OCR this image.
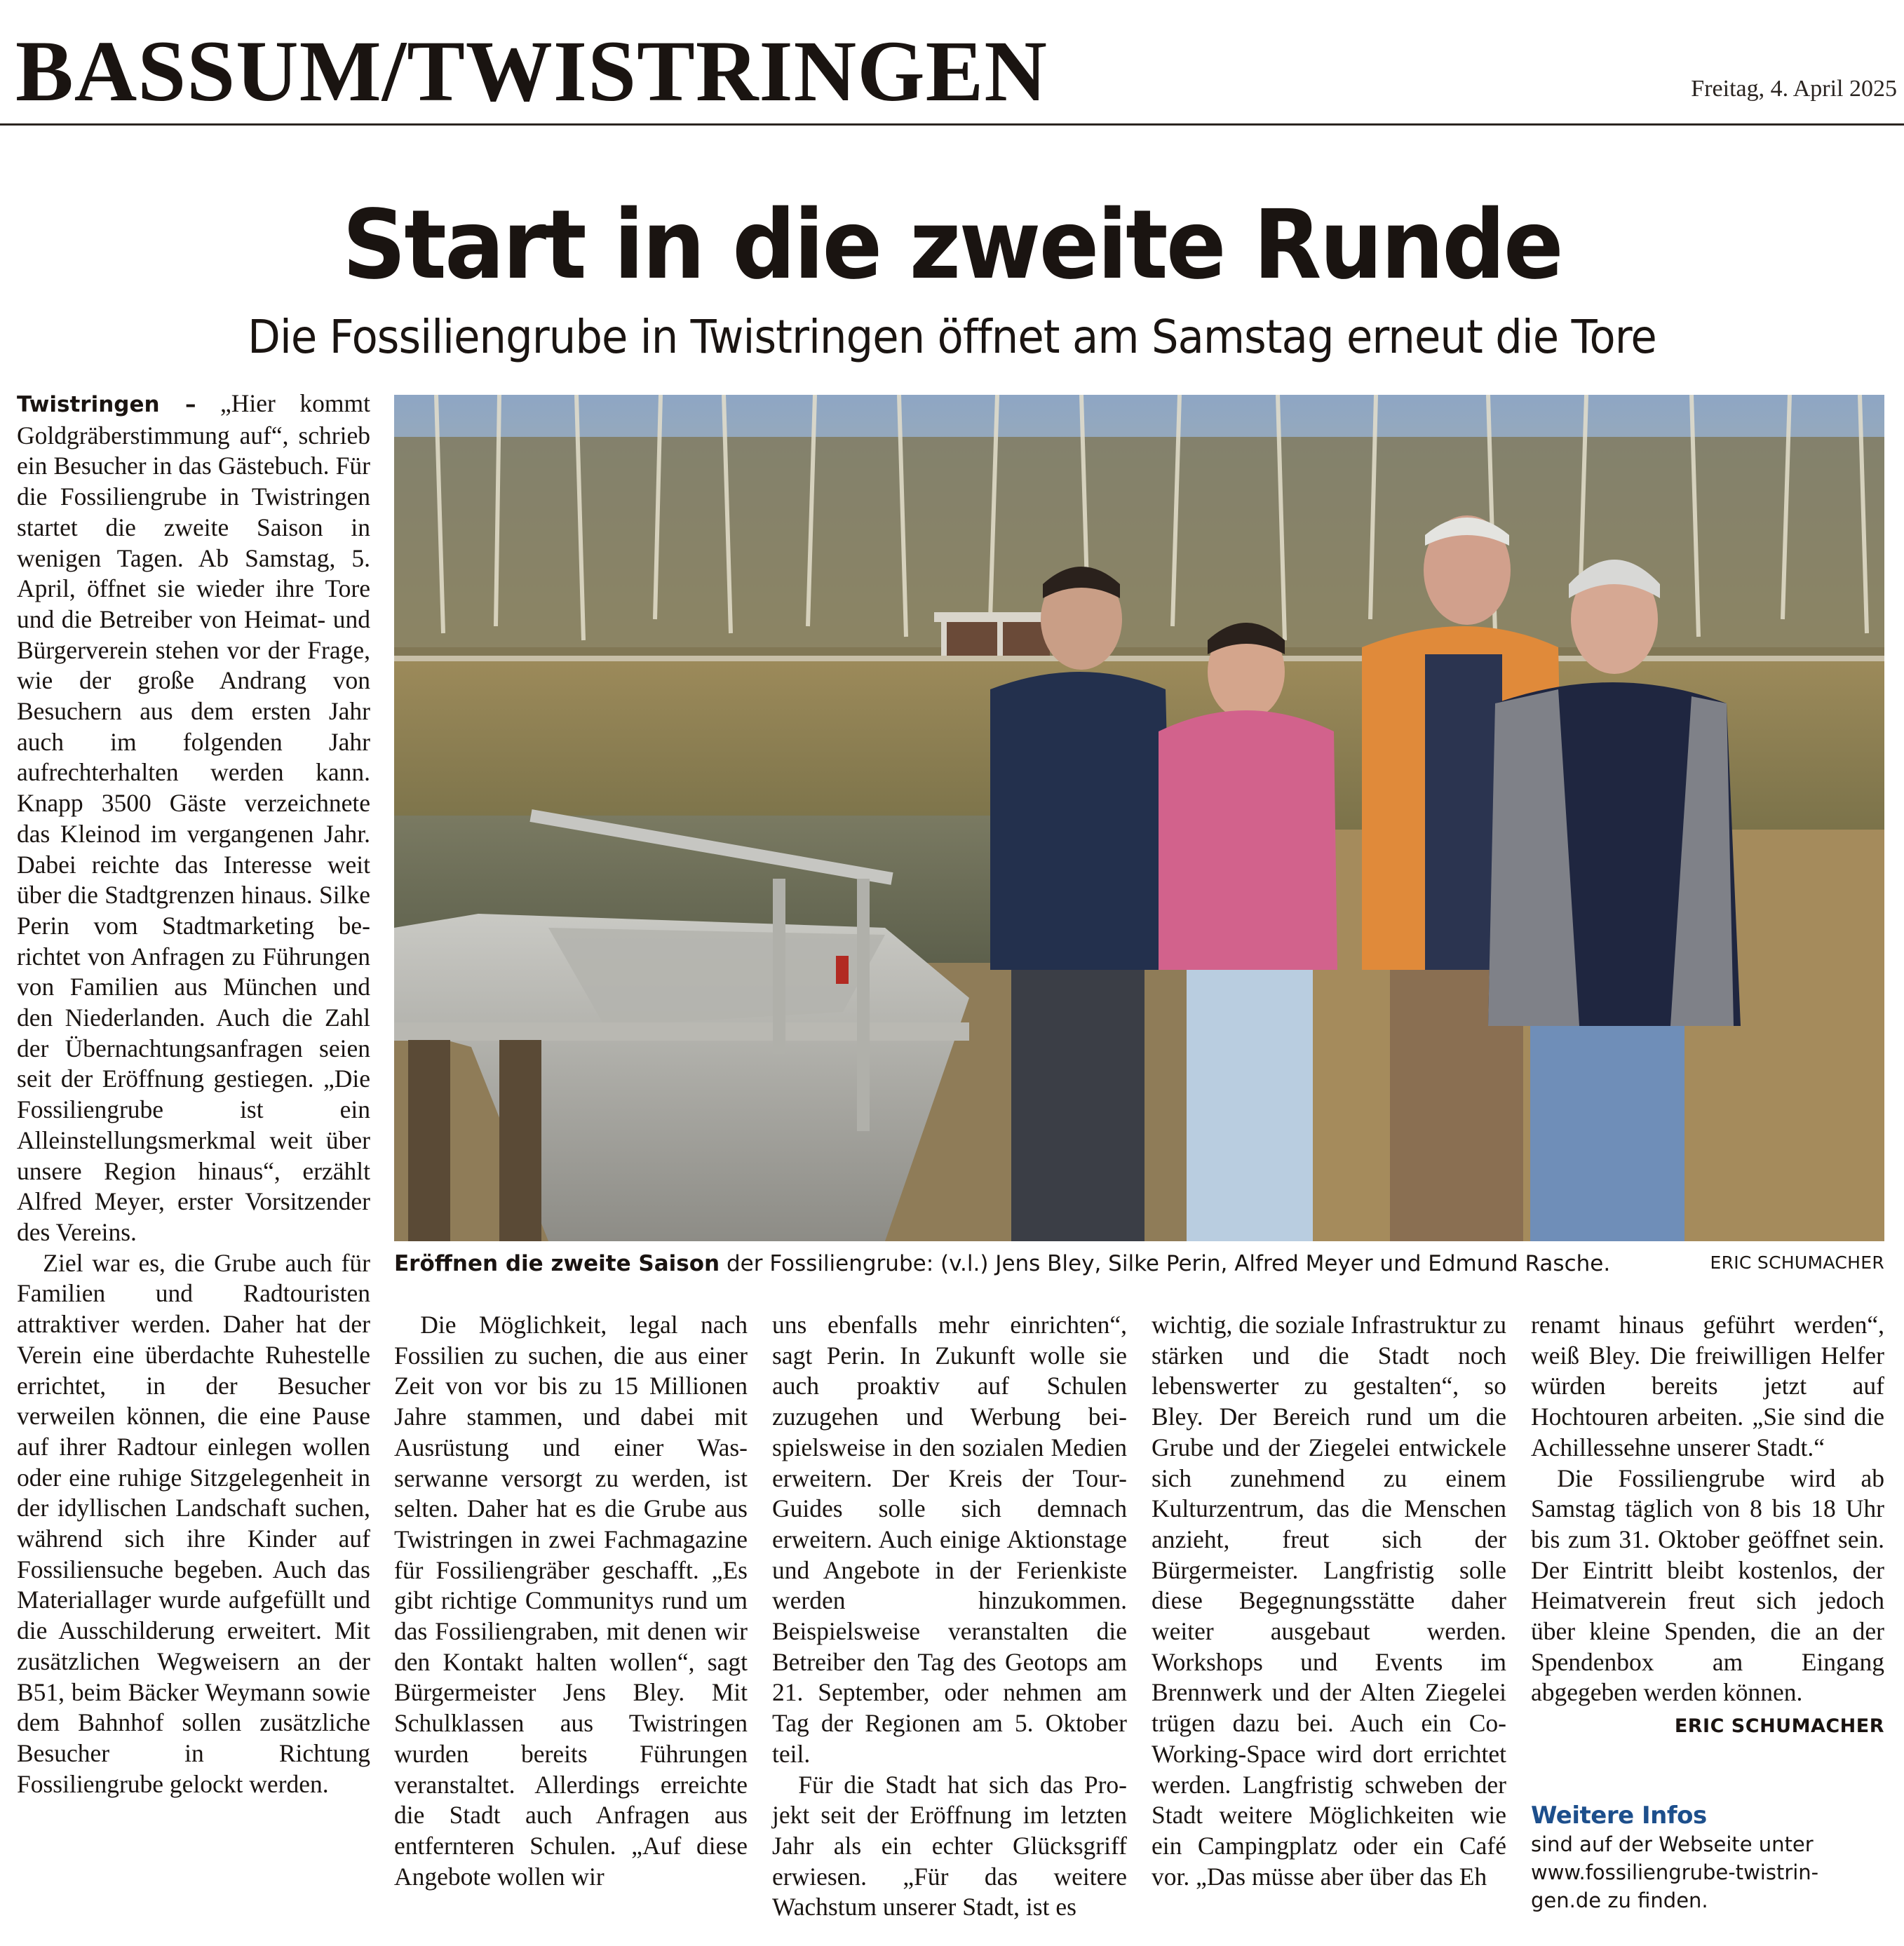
BASSUM/TWISTRINGEN	Freitag, 4. April 2025
Start in die zweite Runde
Die Fossiliengrube in Twistringen öffnet am Samstag erneut die Tore

Twistringen – „Hier kommt Goldgräberstimmung auf“, schrieb ein Besucher in das Gästebuch. Für die Fossiliengrube in Twistringen startet die zweite Saison in wenigen Tagen. Ab Samstag, 5. April, öffnet sie wieder ihre Tore und die Betreiber von Heimat- und Bürgerverein stehen vor der Frage, wie der große Andrang von Besuchern aus dem ersten Jahr auch im folgenden Jahr aufrechterhalten werden kann. Knapp 3500 Gäste verzeichnete das Kleinod im vergangenen Jahr. Dabei reichte das Interesse weit über die Stadtgrenzen hinaus. Silke Perin vom Stadtmarketing berichtet von Anfragen zu Führungen von Familien aus München und den Niederlanden. Auch die Zahl der Übernachtungsanfragen seien seit der Eröffnung gestiegen. „Die Fossiliengrube ist ein Alleinstellungsmerkmal weit über unsere Region hinaus“, erzählt Alfred Meyer, erster Vorsitzender des Vereins.

Ziel war es, die Grube auch für Familien und Radtouristen attraktiver werden. Daher hat der Verein eine überdachte Ruhestelle errichtet, in der Besucher verweilen können, die eine Pause auf ihrer Radtour einlegen wollen oder eine ruhige Sitzgelegenheit in der idyllischen Landschaft suchen, während sich ihre Kinder auf Fossiliensuche begeben. Auch das Materiallager wurde aufgefüllt und die Ausschilderung erweitert. Mit zusätzlichen Wegweisern an der B51, beim Bäcker Weymann sowie dem Bahnhof sollen zusätzliche Besucher in Richtung Fossiliengrube gelockt werden.

Eröffnen die zweite Saison der Fossiliengrube: (v.l.) Jens Bley, Silke Perin, Alfred Meyer und Edmund Rasche.	ERIC SCHUMACHER

Die Möglichkeit, legal nach Fossilien zu suchen, die aus einer Zeit von vor bis zu 15 Millionen Jahre stammen, und dabei mit Ausrüstung und einer Wasserwanne versorgt zu werden, ist selten. Daher hat es die Grube aus Twistringen in zwei Fachmagazine für Fossiliengräber geschafft. „Es gibt richtige Communitys rund um das Fossiliengraben, mit denen wir den Kontakt halten wollen“, sagt Bürgermeister Jens Bley. Mit Schulklassen aus Twistringen wurden bereits Führungen veranstaltet. Allerdings erreichte die Stadt auch Anfragen aus entfernteren Schulen. „Auf diese Angebote wollen wir

uns ebenfalls mehr einrichten“, sagt Perin. In Zukunft wolle sie auch proaktiv auf Schulen zuzugehen und Werbung beispielsweise in den sozialen Medien erweitern. Der Kreis der Tour-Guides solle sich demnach erweitern. Auch einige Aktionstage und Angebote in der Ferienkiste werden hinzukommen. Beispielsweise veranstalten die Betreiber den Tag des Geotops am 21. September, oder nehmen am Tag der Regionen am 5. Oktober teil.

Für die Stadt hat sich das Projekt seit der Eröffnung im letzten Jahr als ein echter Glücksgriff erwiesen. „Für das weitere Wachstum unserer Stadt, ist es

wichtig, die soziale Infrastruktur zu stärken und die Stadt noch lebenswerter zu gestalten“, so Bley. Der Bereich rund um die Grube und der Ziegelei entwickele sich zunehmend zu einem Kulturzentrum, das die Menschen anzieht, freut sich der Bürgermeister. Langfristig solle diese Begegnungsstätte daher weiter ausgebaut werden. Workshops und Events im Brennwerk und der Alten Ziegelei trügen dazu bei. Auch ein Co-Working-Space wird dort errichtet werden. Langfristig schweben der Stadt weitere Möglichkeiten wie ein Campingplatz oder ein Café vor. „Das müsse aber über das Eh

renamt hinaus geführt werden“, weiß Bley. Die freiwilligen Helfer würden bereits jetzt auf Hochtouren arbeiten. „Sie sind die Achillessehne unserer Stadt.“

Die Fossiliengrube wird ab Samstag täglich von 8 bis 18 Uhr bis zum 31. Oktober geöffnet sein. Der Eintritt bleibt kostenlos, der Heimatverein freut sich jedoch über kleine Spenden, die an der Spendenbox am Eingang abgegeben werden können.
ERIC SCHUMACHER

Weitere Infos
sind auf der Webseite unter
www.fossiliengrube-twistrin-
gen.de zu finden.
